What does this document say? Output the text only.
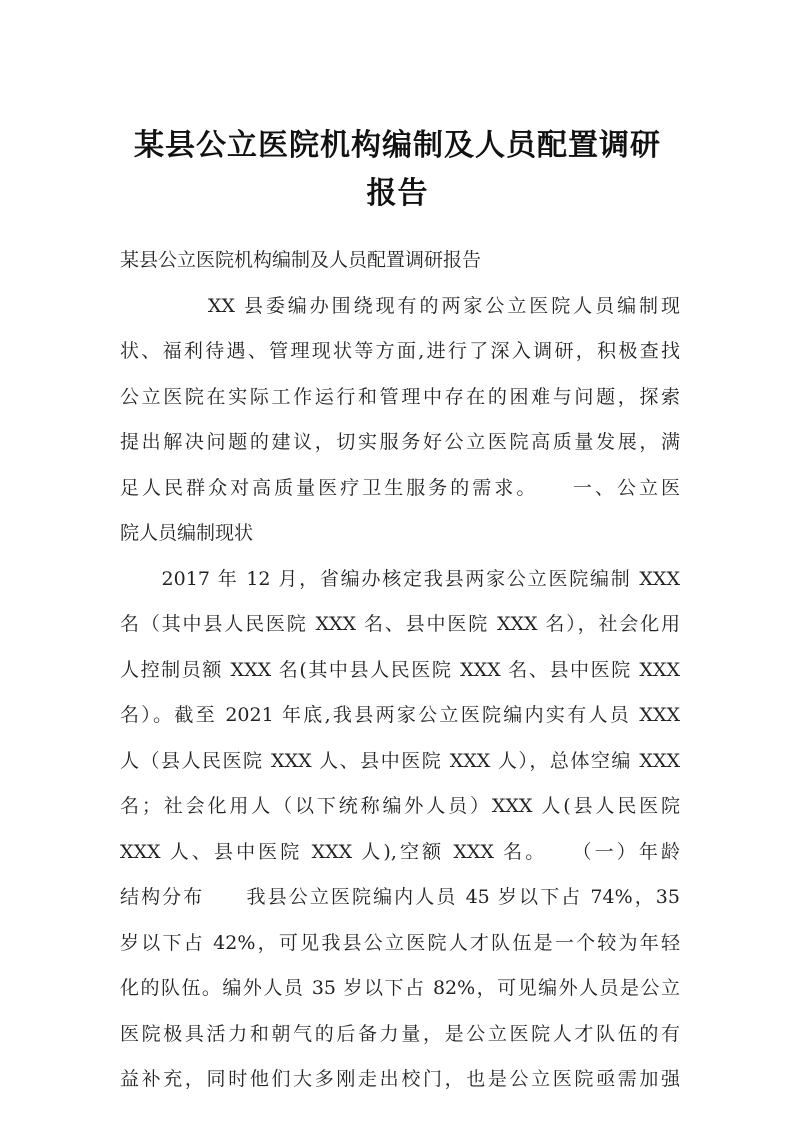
某县公立医院机构编制及人员配置调研报告
某县公立医院机构编制及人员配置调研报告
　　　　XX 县委编办围绕现有的两家公立医院人员编制现
状、福利待遇、管理现状等方面,进行了深入调研，积极查找
公立医院在实际工作运行和管理中存在的困难与问题，探索
提出解决问题的建议，切实服务好公立医院高质量发展，满
足人民群众对高质量医疗卫生服务的需求。　　一、公立医
院人员编制现状
　　2017 年 12 月，省编办核定我县两家公立医院编制 XXX
名（其中县人民医院 XXX 名、县中医院 XXX 名），社会化用
人控制员额 XXX 名(其中县人民医院 XXX 名、县中医院 XXX
名）。截至 2021 年底,我县两家公立医院编内实有人员 XXX
人（县人民医院 XXX 人、县中医院 XXX 人），总体空编 XXX
名；社会化用人（以下统称编外人员）XXX 人(县人民医院
XXX 人、县中医院 XXX 人),空额 XXX 名。　　（一）年龄
结构分布　　我县公立医院编内人员 45 岁以下占 74%，35
岁以下占 42%，可见我县公立医院人才队伍是一个较为年轻
化的队伍。编外人员 35 岁以下占 82%，可见编外人员是公立
医院极具活力和朝气的后备力量，是公立医院人才队伍的有
益补充，同时他们大多刚走出校门，也是公立医院亟需加强
